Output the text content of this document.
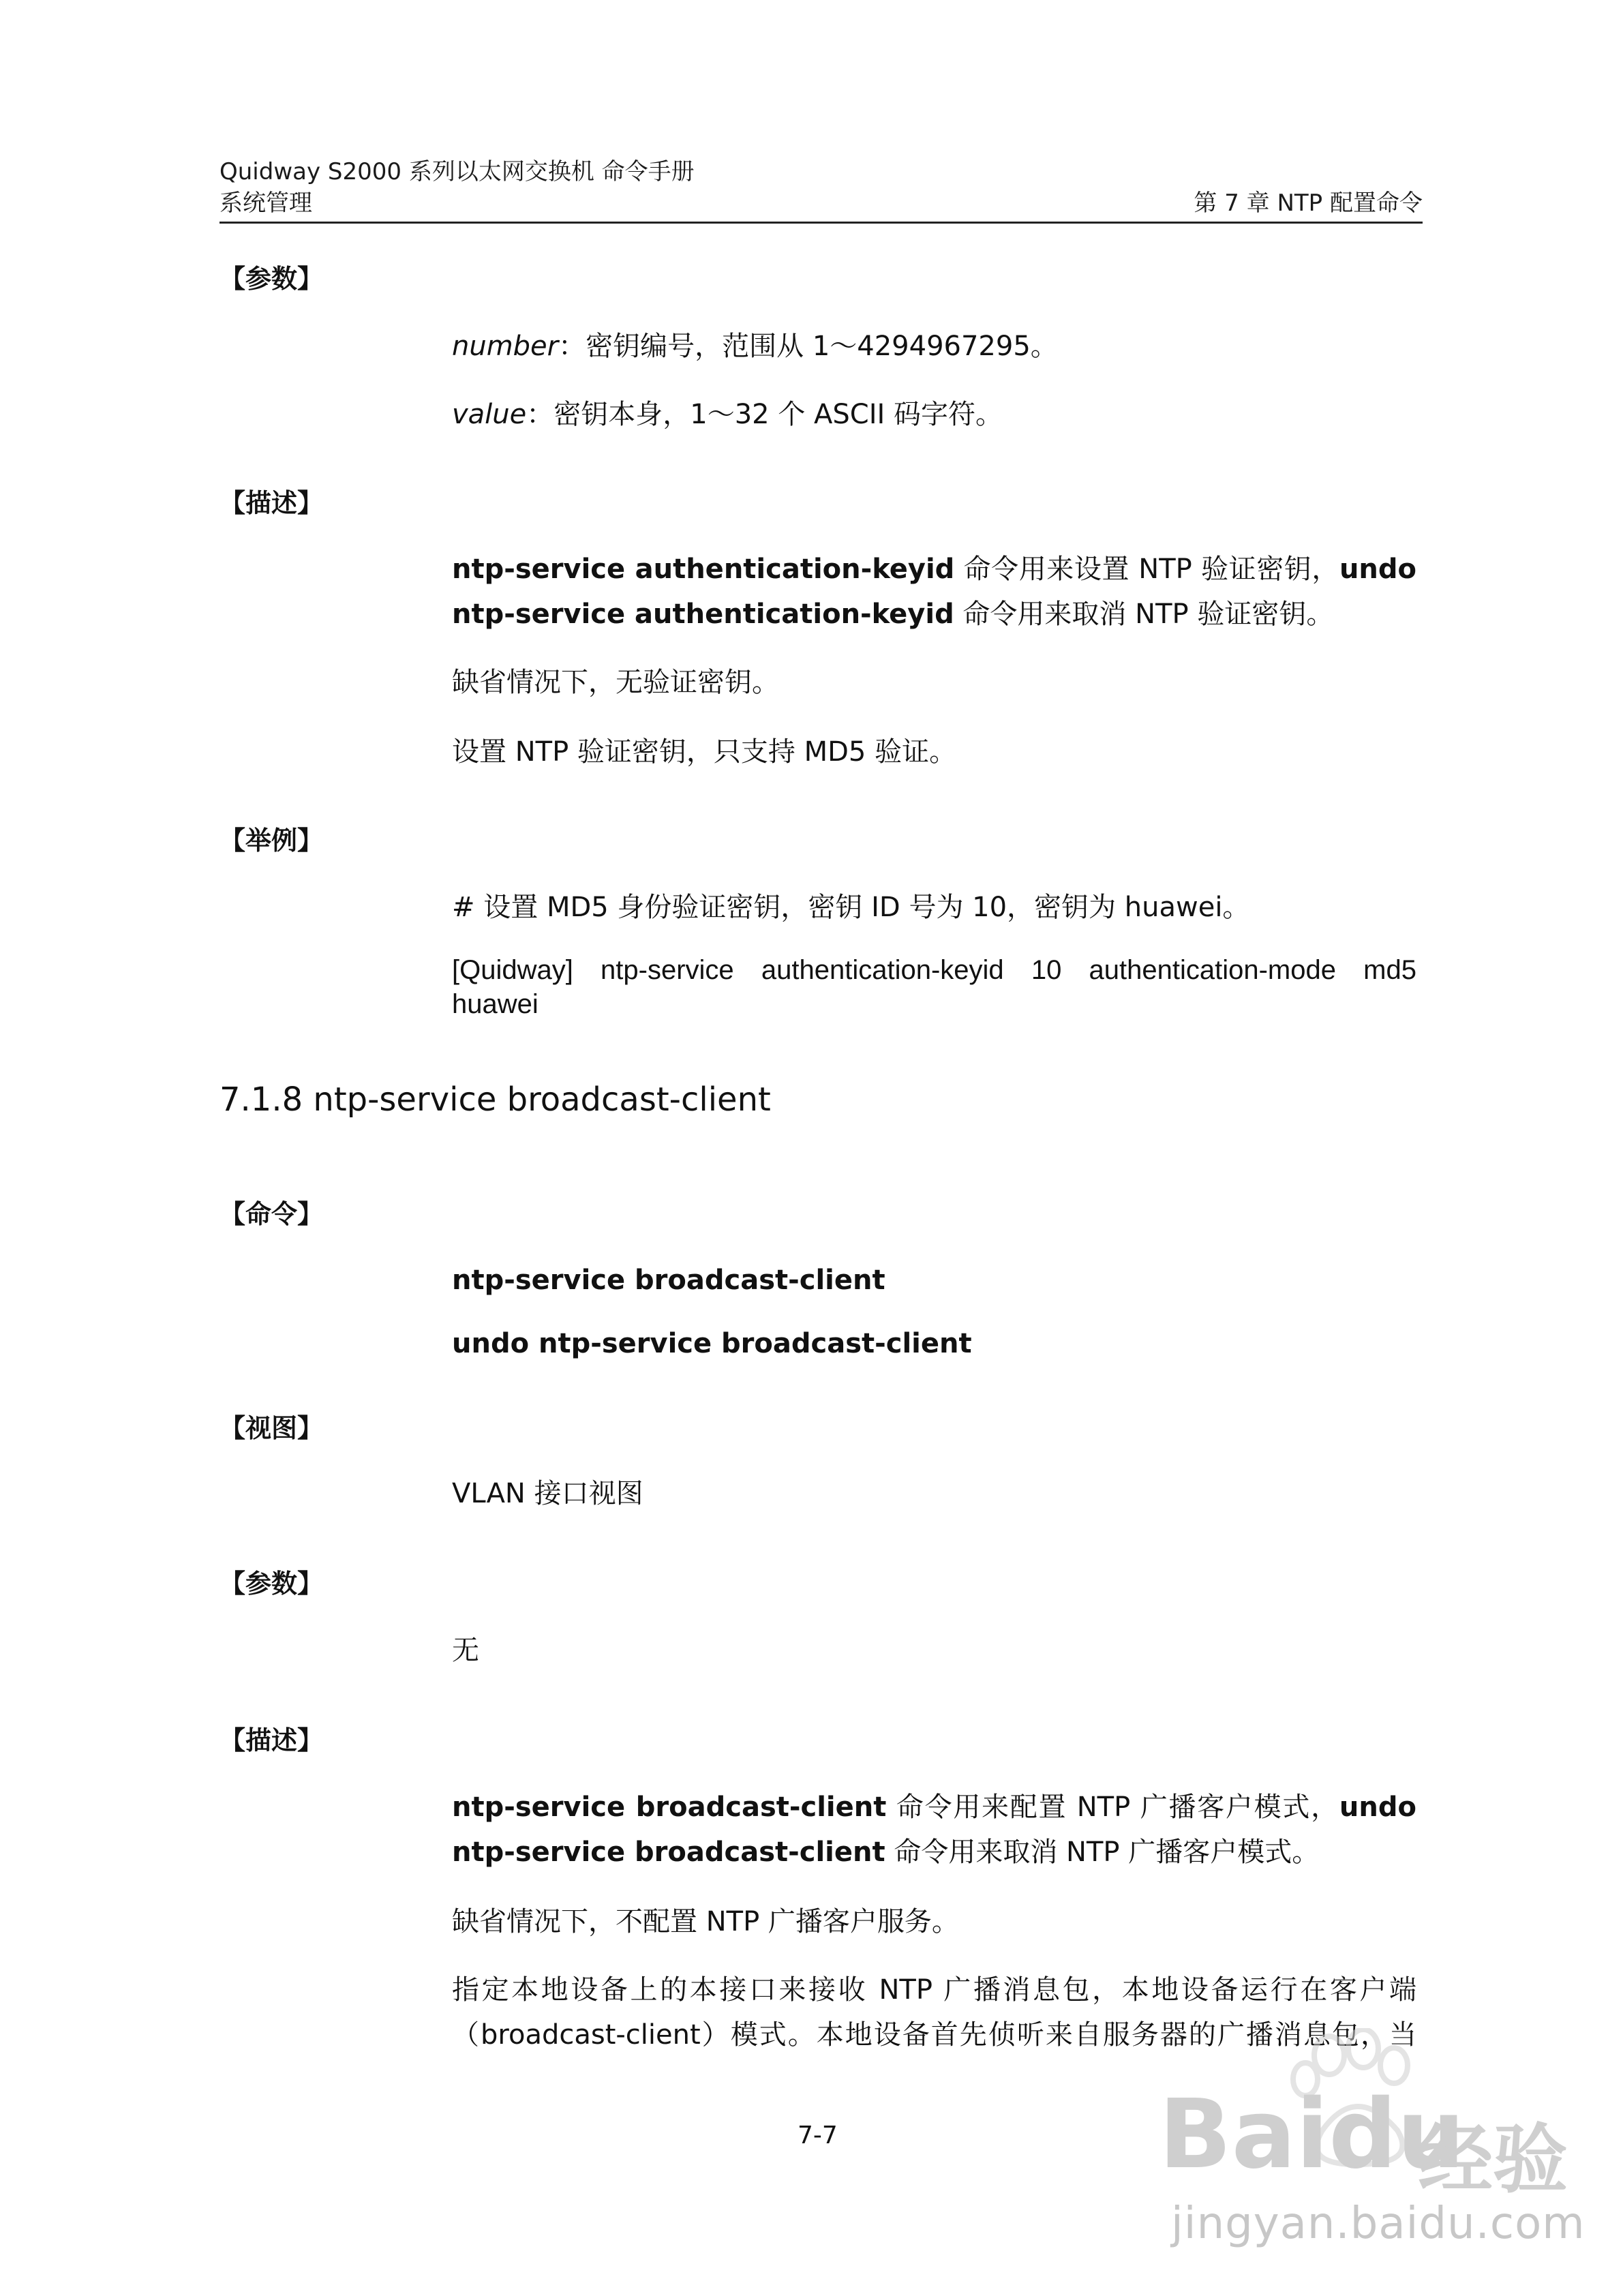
Quidway S2000 系列以太网交换机 命令手册
系统管理	第 7 章 NTP 配置命令
【参数】
number：密钥编号，范围从 1～4294967295。
value：密钥本身，1～32 个 ASCII 码字符。
【描述】
ntp-service authentication-keyid 命令用来设置 NTP 验证密钥，undo
ntp-service authentication-keyid 命令用来取消 NTP 验证密钥。
缺省情况下，无验证密钥。
设置 NTP 验证密钥，只支持 MD5 验证。
【举例】
# 设置 MD5 身份验证密钥，密钥 ID 号为 10，密钥为 huawei。
[Quidway] ntp-service authentication-keyid 10 authentication-mode md5
huawei
7.1.8 ntp-service broadcast-client
【命令】
ntp-service broadcast-client
undo ntp-service broadcast-client
【视图】
VLAN 接口视图
【参数】
无
【描述】
ntp-service broadcast-client 命令用来配置 NTP 广播客户模式，undo
ntp-service broadcast-client 命令用来取消 NTP 广播客户模式。
缺省情况下，不配置 NTP 广播客户服务。
指定本地设备上的本接口来接收 NTP 广播消息包，本地设备运行在客户端
（broadcast-client）模式。本地设备首先侦听来自服务器的广播消息包，当
7-7	Baidu
经验
jingyan.baidu.com
